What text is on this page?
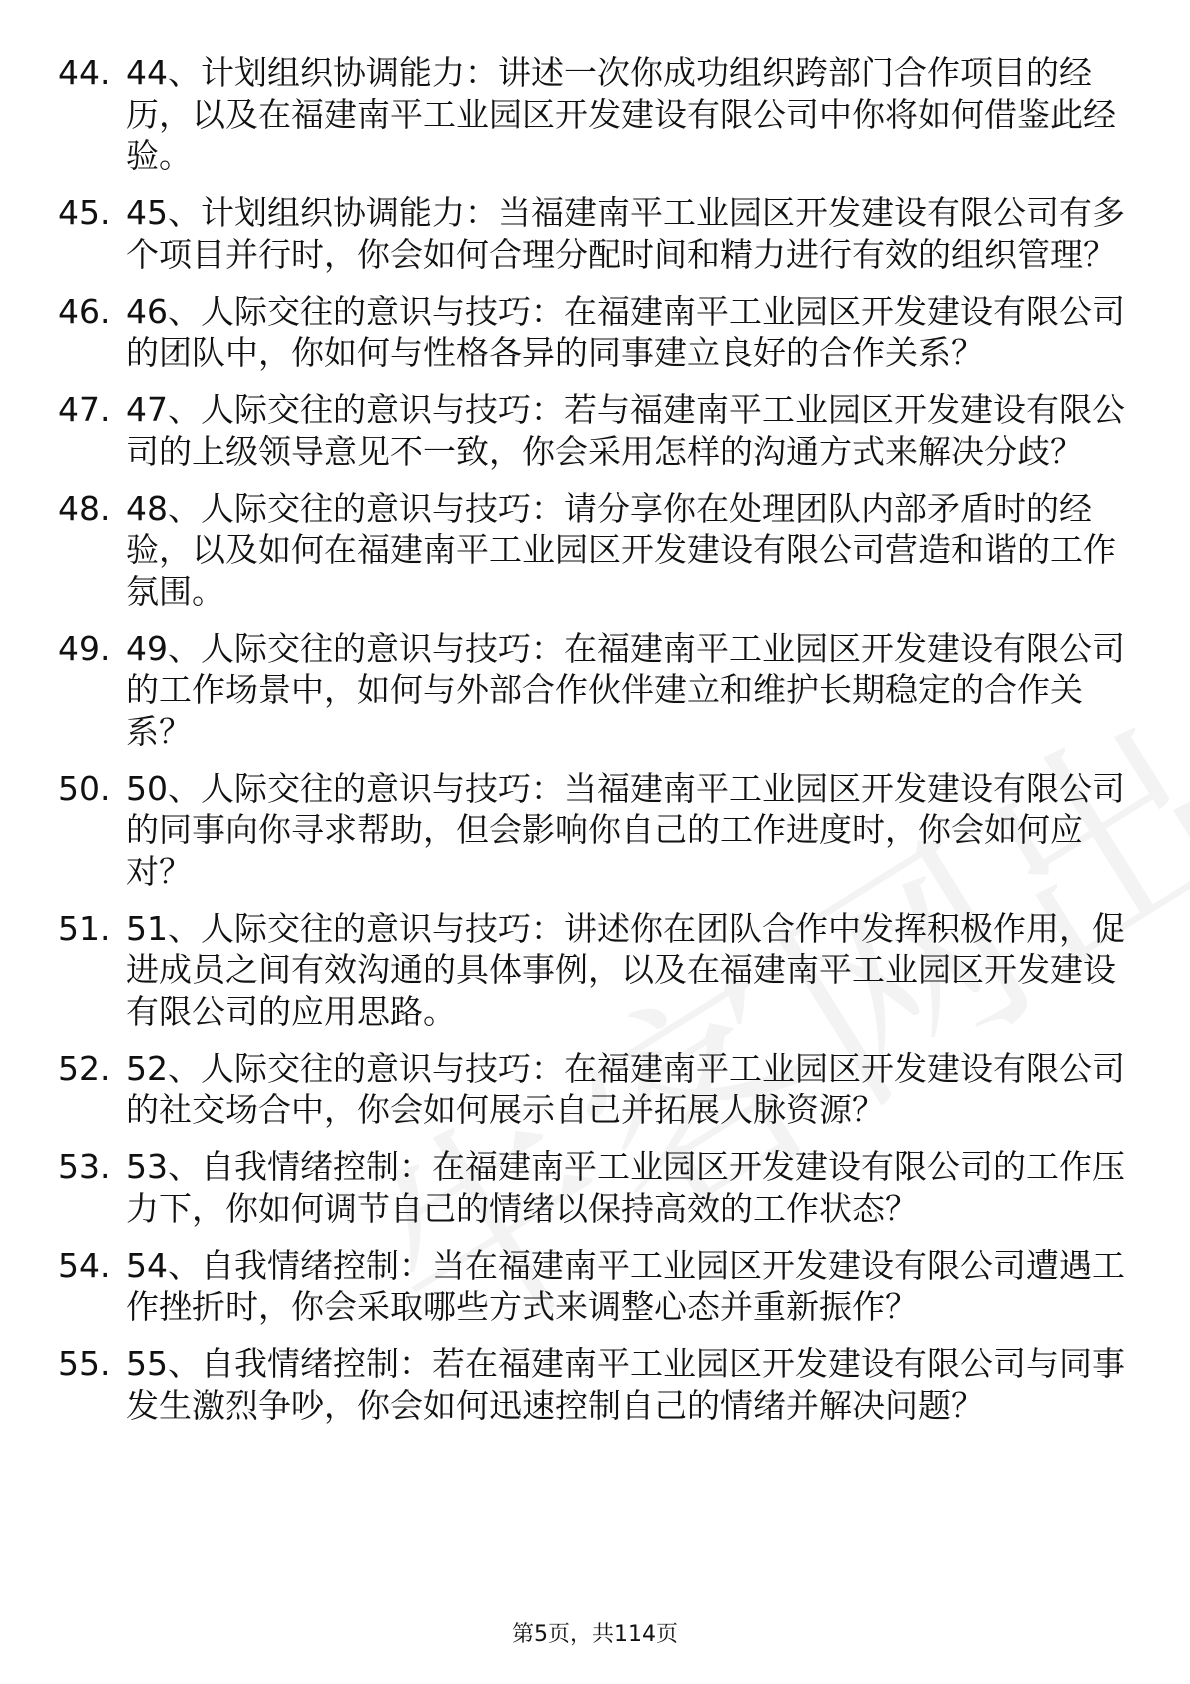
44. 44、计划组织协调能力：讲述一次你成功组织跨部门合作项目的经历，以及在福建南平工业园区开发建设有限公司中你将如何借鉴此经验。
45. 45、计划组织协调能力：当福建南平工业园区开发建设有限公司有多个项目并行时，你会如何合理分配时间和精力进行有效的组织管理？
46. 46、人际交往的意识与技巧：在福建南平工业园区开发建设有限公司的团队中，你如何与性格各异的同事建立良好的合作关系？
47. 47、人际交往的意识与技巧：若与福建南平工业园区开发建设有限公司的上级领导意见不一致，你会采用怎样的沟通方式来解决分歧？
48. 48、人际交往的意识与技巧：请分享你在处理团队内部矛盾时的经验，以及如何在福建南平工业园区开发建设有限公司营造和谐的工作氛围。
49. 49、人际交往的意识与技巧：在福建南平工业园区开发建设有限公司的工作场景中，如何与外部合作伙伴建立和维护长期稳定的合作关系？
50. 50、人际交往的意识与技巧：当福建南平工业园区开发建设有限公司的同事向你寻求帮助，但会影响你自己的工作进度时，你会如何应对？
51. 51、人际交往的意识与技巧：讲述你在团队合作中发挥积极作用，促进成员之间有效沟通的具体事例，以及在福建南平工业园区开发建设有限公司的应用思路。
52. 52、人际交往的意识与技巧：在福建南平工业园区开发建设有限公司的社交场合中，你会如何展示自己并拓展人脉资源？
53. 53、自我情绪控制：在福建南平工业园区开发建设有限公司的工作压力下，你如何调节自己的情绪以保持高效的工作状态？
54. 54、自我情绪控制：当在福建南平工业园区开发建设有限公司遭遇工作挫折时，你会采取哪些方式来调整心态并重新振作？
55. 55、自我情绪控制：若在福建南平工业园区开发建设有限公司与同事发生激烈争吵，你会如何迅速控制自己的情绪并解决问题？
第5页，共114页
